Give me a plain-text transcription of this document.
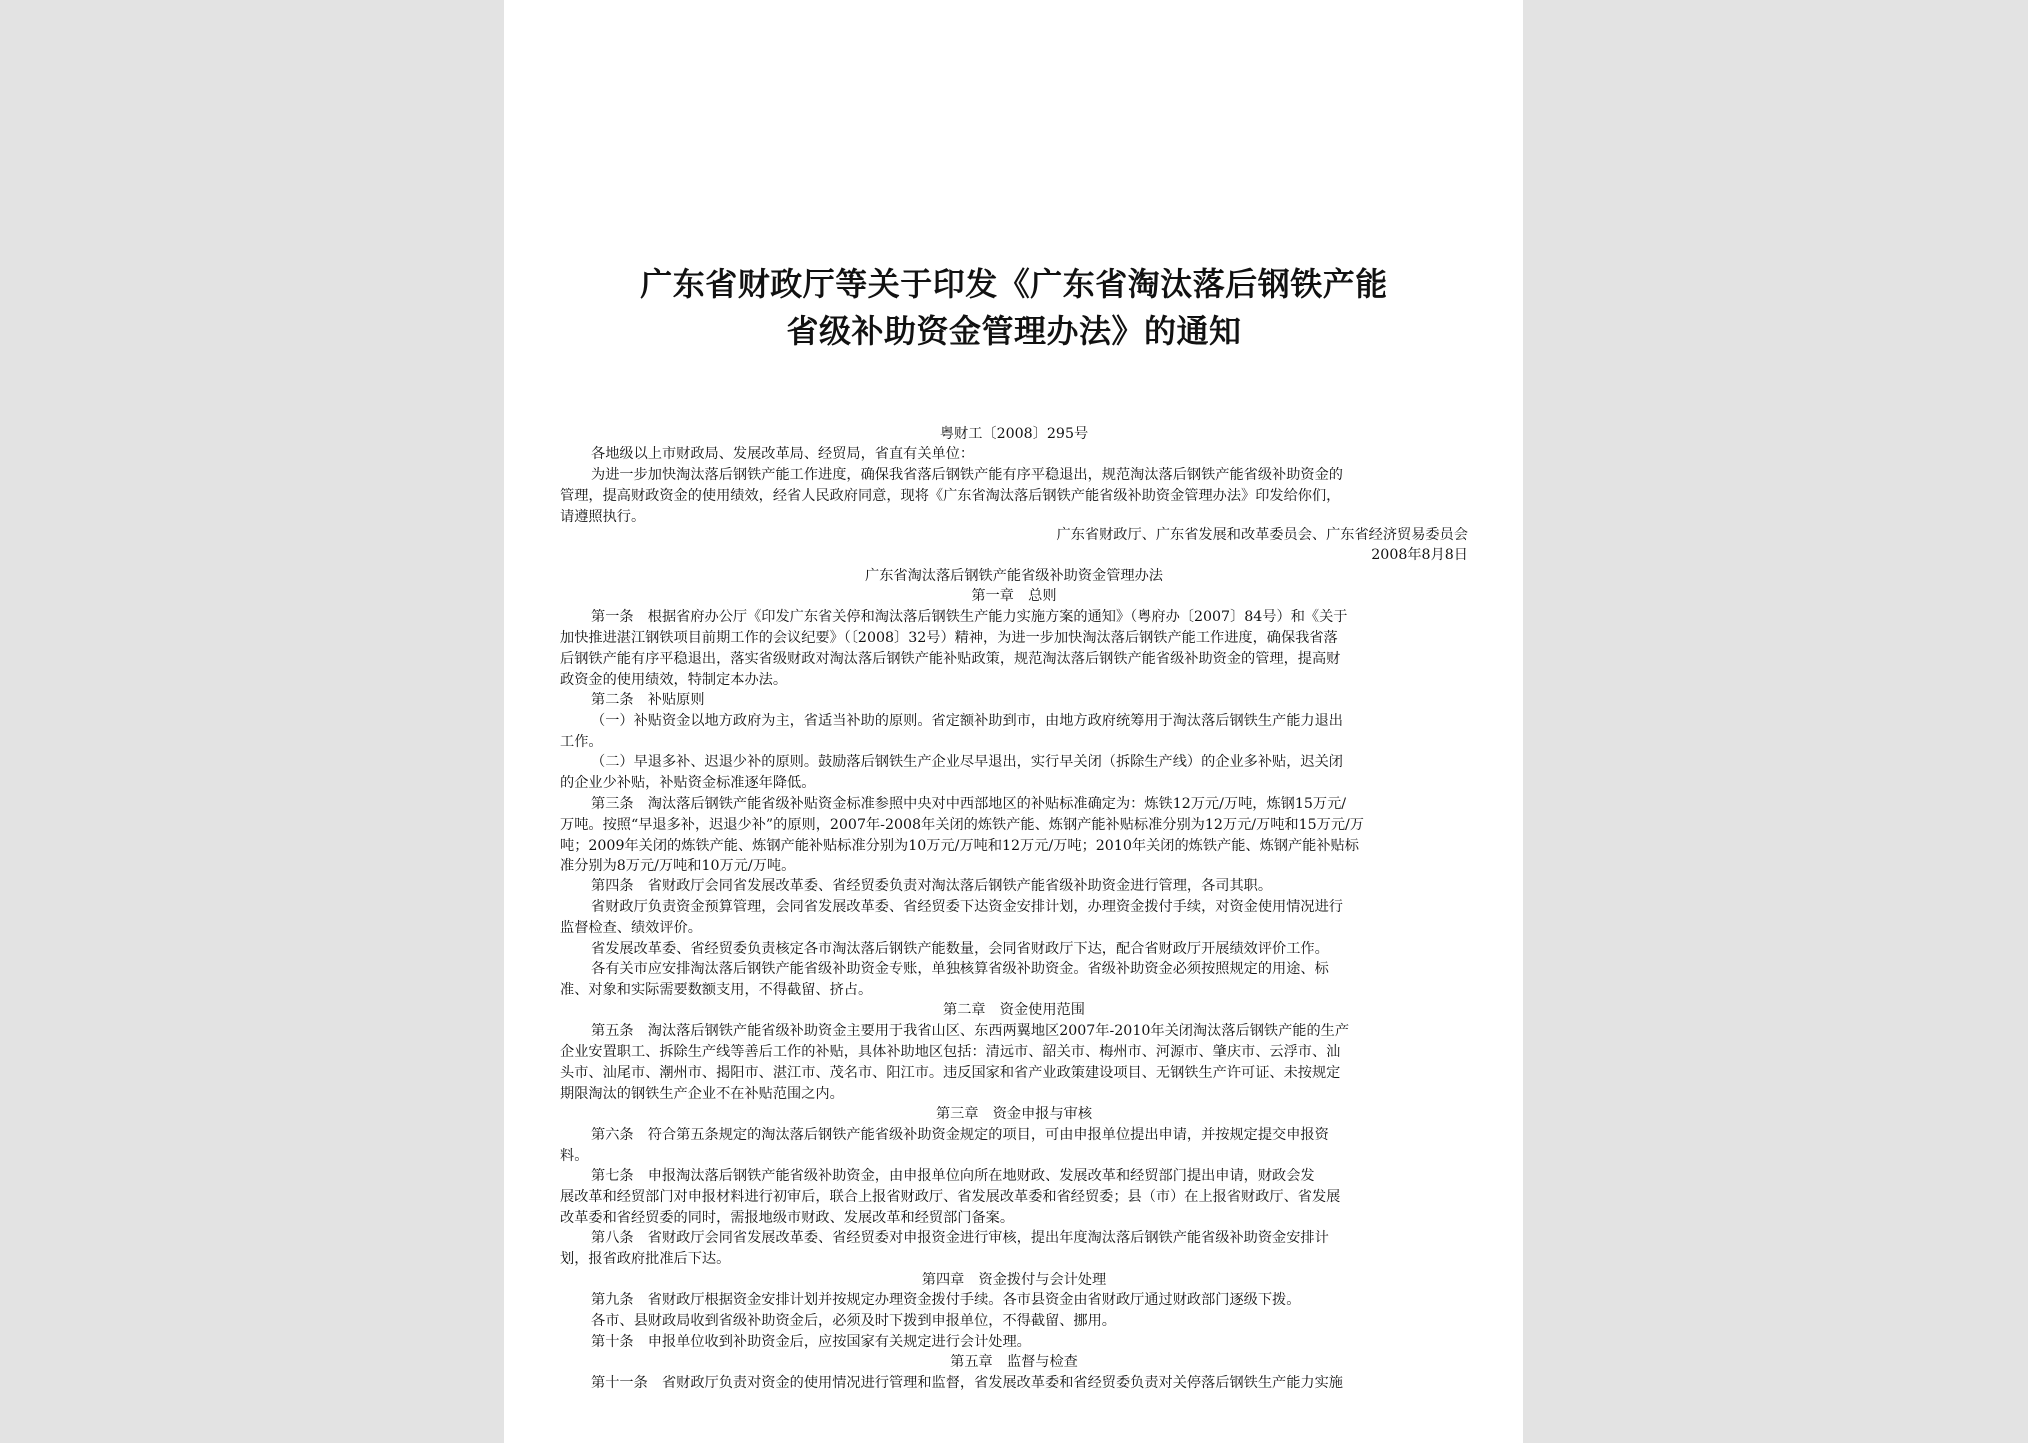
广东省财政厅等关于印发《广东省淘汰落后钢铁产能
省级补助资金管理办法》的通知
粤财工〔2008〕295号
各地级以上市财政局、发展改革局、经贸局，省直有关单位：
为进一步加快淘汰落后钢铁产能工作进度，确保我省落后钢铁产能有序平稳退出，规范淘汰落后钢铁产能省级补助资金的
管理，提高财政资金的使用绩效，经省人民政府同意，现将《广东省淘汰落后钢铁产能省级补助资金管理办法》印发给你们，
请遵照执行。
广东省财政厅、广东省发展和改革委员会、广东省经济贸易委员会
2008年8月8日
广东省淘汰落后钢铁产能省级补助资金管理办法
第一章　总则
第一条　根据省府办公厅《印发广东省关停和淘汰落后钢铁生产能力实施方案的通知》（粤府办〔2007〕84号）和《关于
加快推进湛江钢铁项目前期工作的会议纪要》（〔2008〕32号）精神，为进一步加快淘汰落后钢铁产能工作进度，确保我省落
后钢铁产能有序平稳退出，落实省级财政对淘汰落后钢铁产能补贴政策，规范淘汰落后钢铁产能省级补助资金的管理，提高财
政资金的使用绩效，特制定本办法。
第二条　补贴原则
（一）补贴资金以地方政府为主，省适当补助的原则。省定额补助到市，由地方政府统筹用于淘汰落后钢铁生产能力退出
工作。
（二）早退多补、迟退少补的原则。鼓励落后钢铁生产企业尽早退出，实行早关闭（拆除生产线）的企业多补贴，迟关闭
的企业少补贴，补贴资金标准逐年降低。
第三条　淘汰落后钢铁产能省级补贴资金标准参照中央对中西部地区的补贴标准确定为：炼铁12万元/万吨，炼钢15万元/
万吨。按照“早退多补，迟退少补”的原则，2007年-2008年关闭的炼铁产能、炼钢产能补贴标准分别为12万元/万吨和15万元/万
吨；2009年关闭的炼铁产能、炼钢产能补贴标准分别为10万元/万吨和12万元/万吨；2010年关闭的炼铁产能、炼钢产能补贴标
准分别为8万元/万吨和10万元/万吨。
第四条　省财政厅会同省发展改革委、省经贸委负责对淘汰落后钢铁产能省级补助资金进行管理，各司其职。
省财政厅负责资金预算管理，会同省发展改革委、省经贸委下达资金安排计划，办理资金拨付手续，对资金使用情况进行
监督检查、绩效评价。
省发展改革委、省经贸委负责核定各市淘汰落后钢铁产能数量，会同省财政厅下达，配合省财政厅开展绩效评价工作。
各有关市应安排淘汰落后钢铁产能省级补助资金专账，单独核算省级补助资金。省级补助资金必须按照规定的用途、标
准、对象和实际需要数额支用，不得截留、挤占。
第二章　资金使用范围
第五条　淘汰落后钢铁产能省级补助资金主要用于我省山区、东西两翼地区2007年-2010年关闭淘汰落后钢铁产能的生产
企业安置职工、拆除生产线等善后工作的补贴，具体补助地区包括：清远市、韶关市、梅州市、河源市、肇庆市、云浮市、汕
头市、汕尾市、潮州市、揭阳市、湛江市、茂名市、阳江市。违反国家和省产业政策建设项目、无钢铁生产许可证、未按规定
期限淘汰的钢铁生产企业不在补贴范围之内。
第三章　资金申报与审核
第六条　符合第五条规定的淘汰落后钢铁产能省级补助资金规定的项目，可由申报单位提出申请，并按规定提交申报资
料。
第七条　申报淘汰落后钢铁产能省级补助资金，由申报单位向所在地财政、发展改革和经贸部门提出申请，财政会发
展改革和经贸部门对申报材料进行初审后，联合上报省财政厅、省发展改革委和省经贸委；县（市）在上报省财政厅、省发展
改革委和省经贸委的同时，需报地级市财政、发展改革和经贸部门备案。
第八条　省财政厅会同省发展改革委、省经贸委对申报资金进行审核，提出年度淘汰落后钢铁产能省级补助资金安排计
划，报省政府批准后下达。
第四章　资金拨付与会计处理
第九条　省财政厅根据资金安排计划并按规定办理资金拨付手续。各市县资金由省财政厅通过财政部门逐级下拨。
各市、县财政局收到省级补助资金后，必须及时下拨到申报单位，不得截留、挪用。
第十条　申报单位收到补助资金后，应按国家有关规定进行会计处理。
第五章　监督与检查
第十一条　省财政厅负责对资金的使用情况进行管理和监督，省发展改革委和省经贸委负责对关停落后钢铁生产能力实施
